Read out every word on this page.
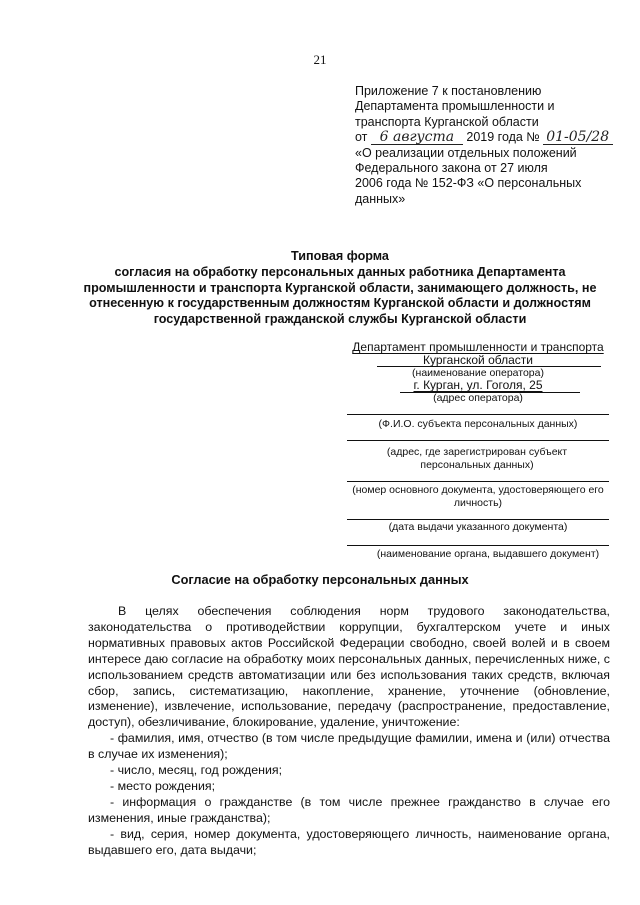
21
Приложение 7 к постановлению
Департамента промышленности и
транспорта Курганской области
от 6 августа 2019 года № 01-05/28
«О реализации отдельных положений
Федерального закона от 27 июля
2006 года № 152-ФЗ «О персональных
данных»
Типовая форма
согласия на обработку персональных данных работника Департамента промышленности и транспорта Курганской области, занимающего должность, не отнесенную к государственным должностям Курганской области и должностям государственной гражданской службы Курганской области
Департамент промышленности и транспорта
Курганской области
(наименование оператора)
г. Курган, ул. Гоголя, 25
(адрес оператора)
(Ф.И.О. субъекта персональных данных)
(адрес, где зарегистрирован субъект персональных данных)
(номер основного документа, удостоверяющего его личность)
(дата выдачи указанного документа)
(наименование органа, выдавшего документ)
Согласие на обработку персональных данных

В целях обеспечения соблюдения норм трудового законодательства, законодательства о противодействии коррупции, бухгалтерском учете и иных нормативных правовых актов Российской Федерации свободно, своей волей и в своем интересе даю согласие на обработку моих персональных данных, перечисленных ниже, с использованием средств автоматизации или без использования таких средств, включая сбор, запись, систематизацию, накопление, хранение, уточнение (обновление, изменение), извлечение, использование, передачу (распространение, предоставление, доступ), обезличивание, блокирование, удаление, уничтожение:

- фамилия, имя, отчество (в том числе предыдущие фамилии, имена и (или) отчества в случае их изменения);

- число, месяц, год рождения;

- место рождения;

- информация о гражданстве (в том числе прежнее гражданство в случае его изменения, иные гражданства);

- вид, серия, номер документа, удостоверяющего личность, наименование органа, выдавшего его, дата выдачи;
